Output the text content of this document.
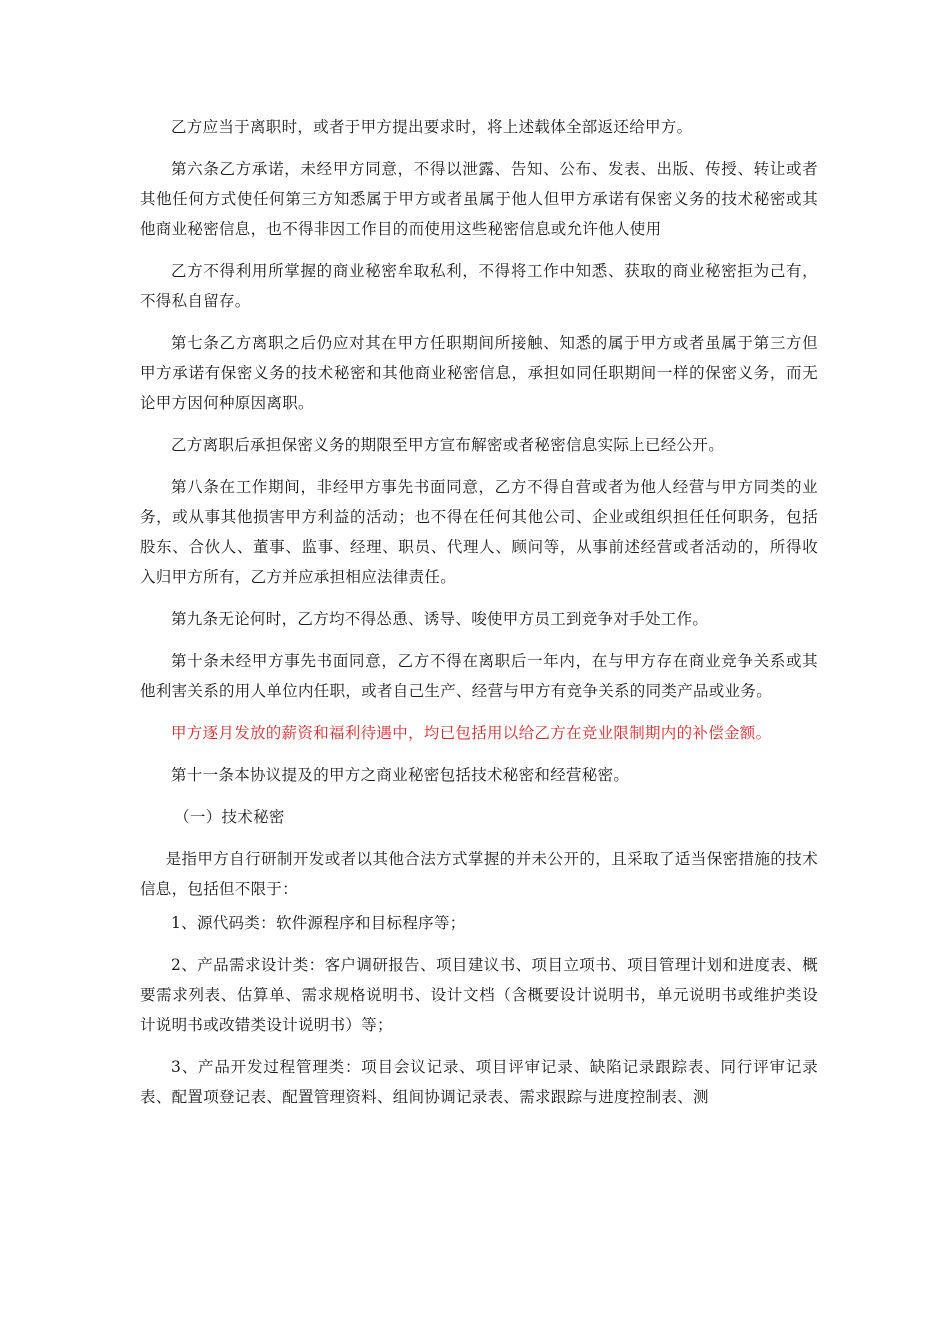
乙方应当于离职时，或者于甲方提出要求时，将上述载体全部返还给甲方。

第六条乙方承诺，未经甲方同意，不得以泄露、告知、公布、发表、出版、传授、转让或者其他任何方式使任何第三方知悉属于甲方或者虽属于他人但甲方承诺有保密义务的技术秘密或其他商业秘密信息，也不得非因工作目的而使用这些秘密信息或允许他人使用

乙方不得利用所掌握的商业秘密牟取私利，不得将工作中知悉、获取的商业秘密拒为己有，不得私自留存。

第七条乙方离职之后仍应对其在甲方任职期间所接触、知悉的属于甲方或者虽属于第三方但甲方承诺有保密义务的技术秘密和其他商业秘密信息，承担如同任职期间一样的保密义务，而无论甲方因何种原因离职。

乙方离职后承担保密义务的期限至甲方宣布解密或者秘密信息实际上已经公开。

第八条在工作期间，非经甲方事先书面同意，乙方不得自营或者为他人经营与甲方同类的业务，或从事其他损害甲方利益的活动；也不得在任何其他公司、企业或组织担任任何职务，包括股东、合伙人、董事、监事、经理、职员、代理人、顾问等，从事前述经营或者活动的，所得收入归甲方所有，乙方并应承担相应法律责任。

第九条无论何时，乙方均不得怂恿、诱导、唆使甲方员工到竞争对手处工作。

第十条未经甲方事先书面同意，乙方不得在离职后一年内，在与甲方存在商业竞争关系或其他利害关系的用人单位内任职，或者自己生产、经营与甲方有竞争关系的同类产品或业务。

甲方逐月发放的薪资和福利待遇中，均已包括用以给乙方在竞业限制期内的补偿金额。

第十一条本协议提及的甲方之商业秘密包括技术秘密和经营秘密。

（一）技术秘密

是指甲方自行研制开发或者以其他合法方式掌握的并未公开的，且采取了适当保密措施的技术信息，包括但不限于：

1、源代码类：软件源程序和目标程序等；

2、产品需求设计类：客户调研报告、项目建议书、项目立项书、项目管理计划和进度表、概要需求列表、估算单、需求规格说明书、设计文档（含概要设计说明书，单元说明书或维护类设计说明书或改错类设计说明书）等；

3、产品开发过程管理类：项目会议记录、项目评审记录、缺陷记录跟踪表、同行评审记录表、配置项登记表、配置管理资料、组间协调记录表、需求跟踪与进度控制表、测
